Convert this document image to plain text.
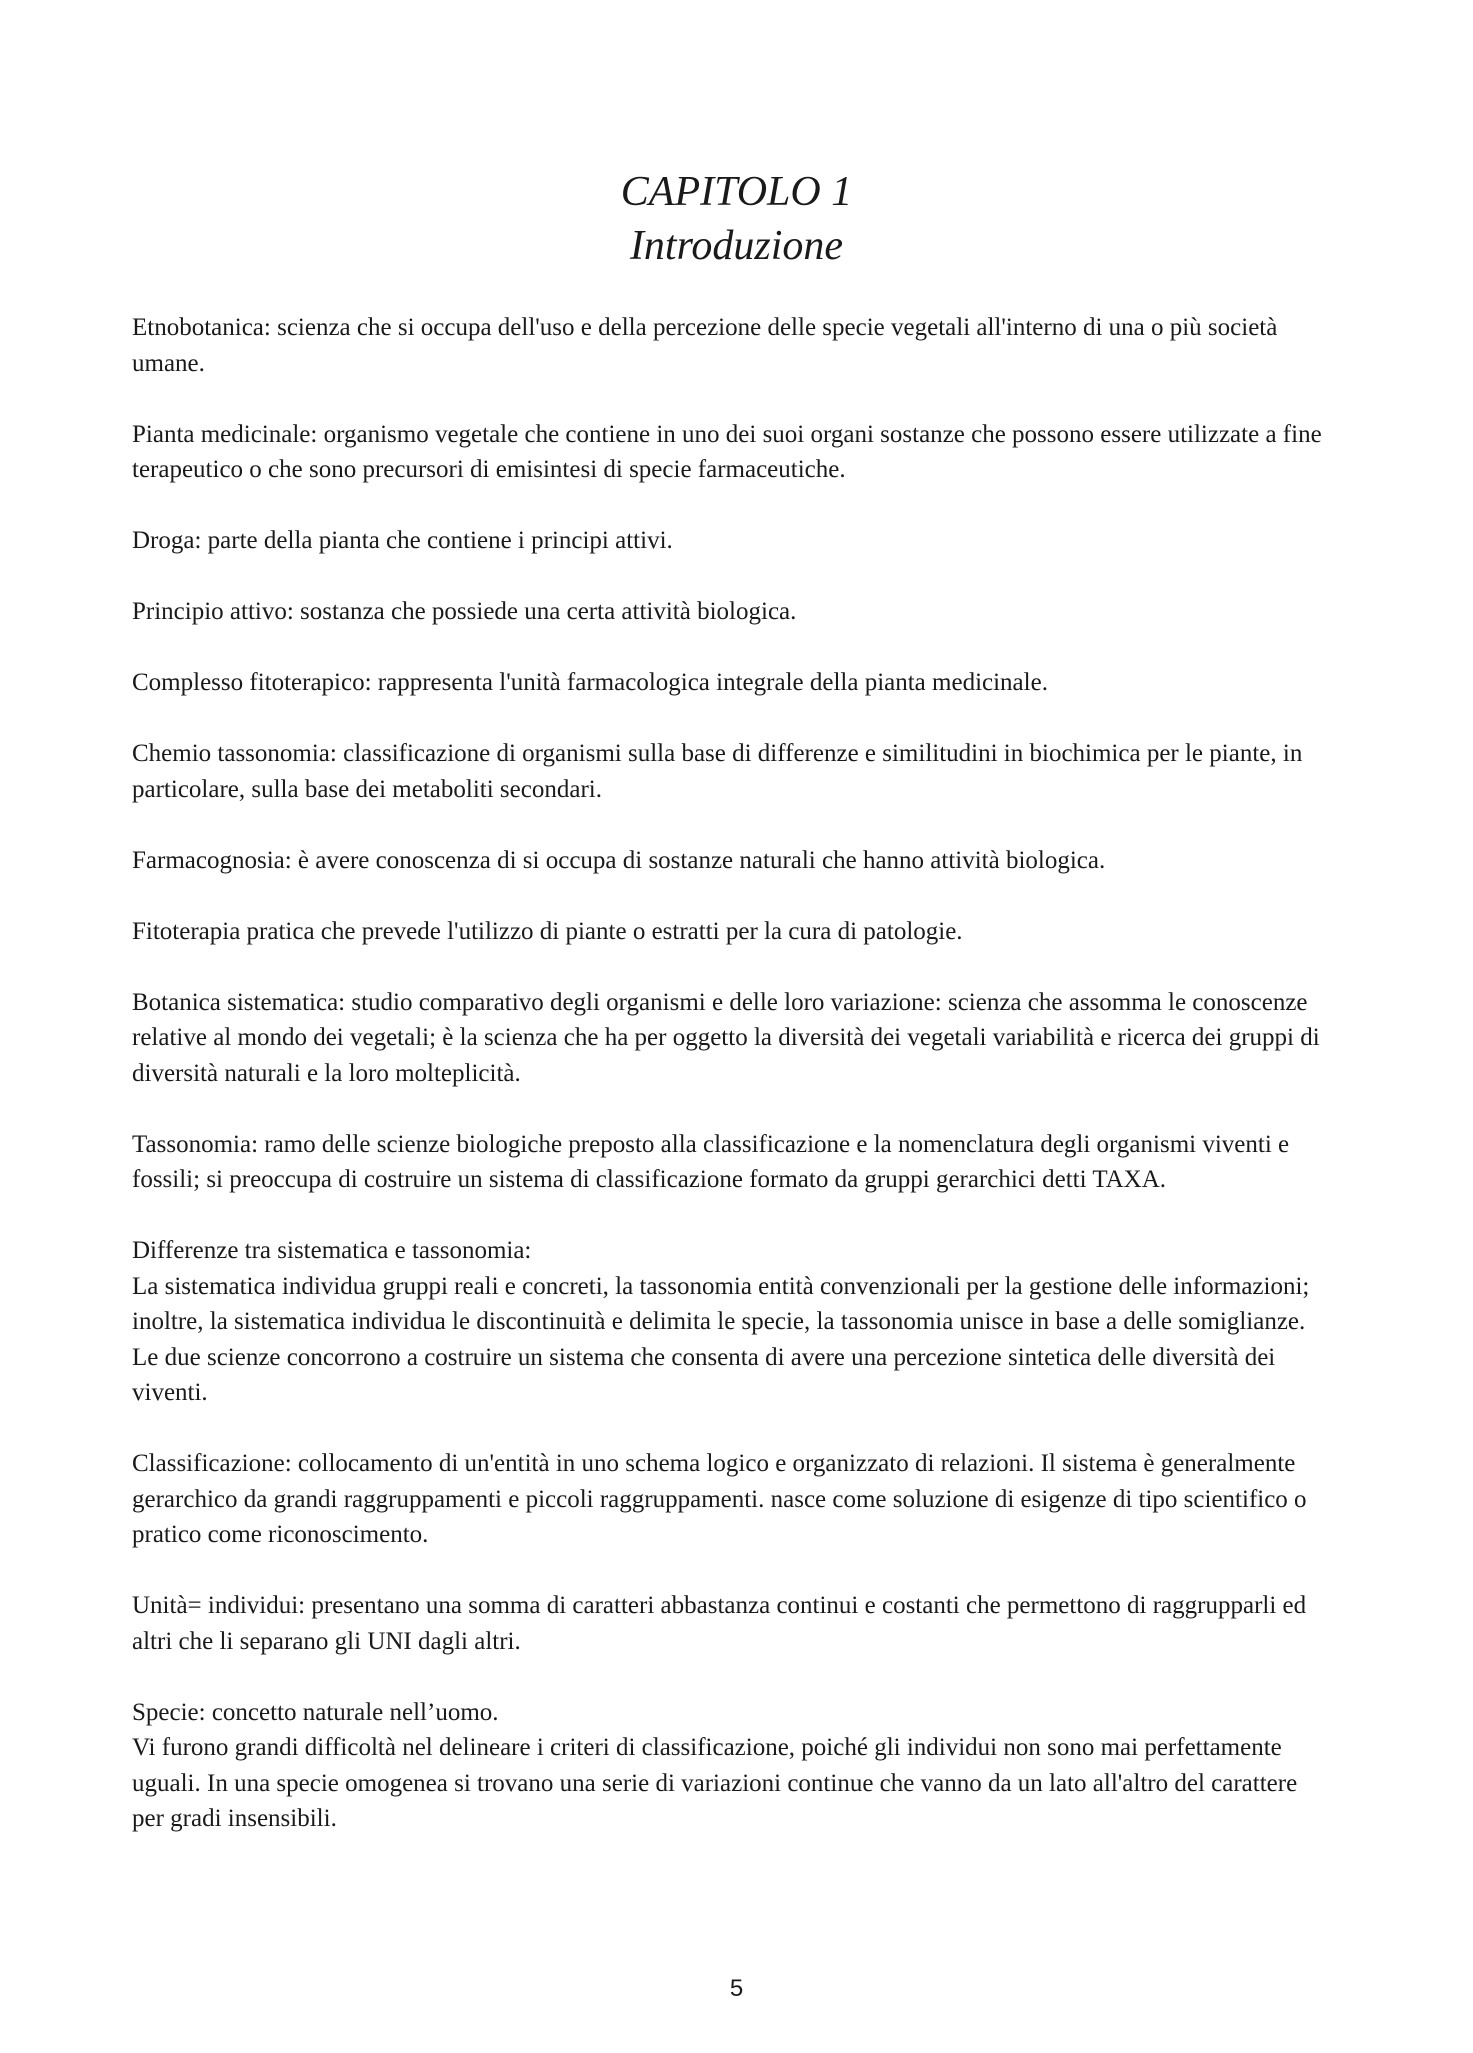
CAPITOLO 1
Introduzione

Etnobotanica: scienza che si occupa dell'uso e della percezione delle specie vegetali all'interno di una o più società umane.

Pianta medicinale: organismo vegetale che contiene in uno dei suoi organi sostanze che possono essere utilizzate a fine terapeutico o che sono precursori di emisintesi di specie farmaceutiche.

Droga: parte della pianta che contiene i principi attivi.

Principio attivo: sostanza che possiede una certa attività biologica.

Complesso fitoterapico: rappresenta l'unità farmacologica integrale della pianta medicinale.

Chemio tassonomia: classificazione di organismi sulla base di differenze e similitudini in biochimica per le piante, in particolare, sulla base dei metaboliti secondari.

Farmacognosia: è avere conoscenza di si occupa di sostanze naturali che hanno attività biologica.

Fitoterapia pratica che prevede l'utilizzo di piante o estratti per la cura di patologie.

Botanica sistematica: studio comparativo degli organismi e delle loro variazione: scienza che assomma le conoscenze relative al mondo dei vegetali; è la scienza che ha per oggetto la diversità dei vegetali variabilità e ricerca dei gruppi di diversità naturali e la loro molteplicità.

Tassonomia: ramo delle scienze biologiche preposto alla classificazione e la nomenclatura degli organismi viventi e fossili; si preoccupa di costruire un sistema di classificazione formato da gruppi gerarchici detti TAXA.

Differenze tra sistematica e tassonomia:

La sistematica individua gruppi reali e concreti, la tassonomia entità convenzionali per la gestione delle informazioni; inoltre, la sistematica individua le discontinuità e delimita le specie, la tassonomia unisce in base a delle somiglianze.

Le due scienze concorrono a costruire un sistema che consenta di avere una percezione sintetica delle diversità dei viventi.

Classificazione: collocamento di un'entità in uno schema logico e organizzato di relazioni. Il sistema è generalmente gerarchico da grandi raggruppamenti e piccoli raggruppamenti. nasce come soluzione di esigenze di tipo scientifico o pratico come riconoscimento.

Unità= individui: presentano una somma di caratteri abbastanza continui e costanti che permettono di raggrupparli ed altri che li separano gli UNI dagli altri.

Specie: concetto naturale nell’uomo.

Vi furono grandi difficoltà nel delineare i criteri di classificazione, poiché gli individui non sono mai perfettamente uguali. In una specie omogenea si trovano una serie di variazioni continue che vanno da un lato all'altro del carattere per gradi insensibili.

5
